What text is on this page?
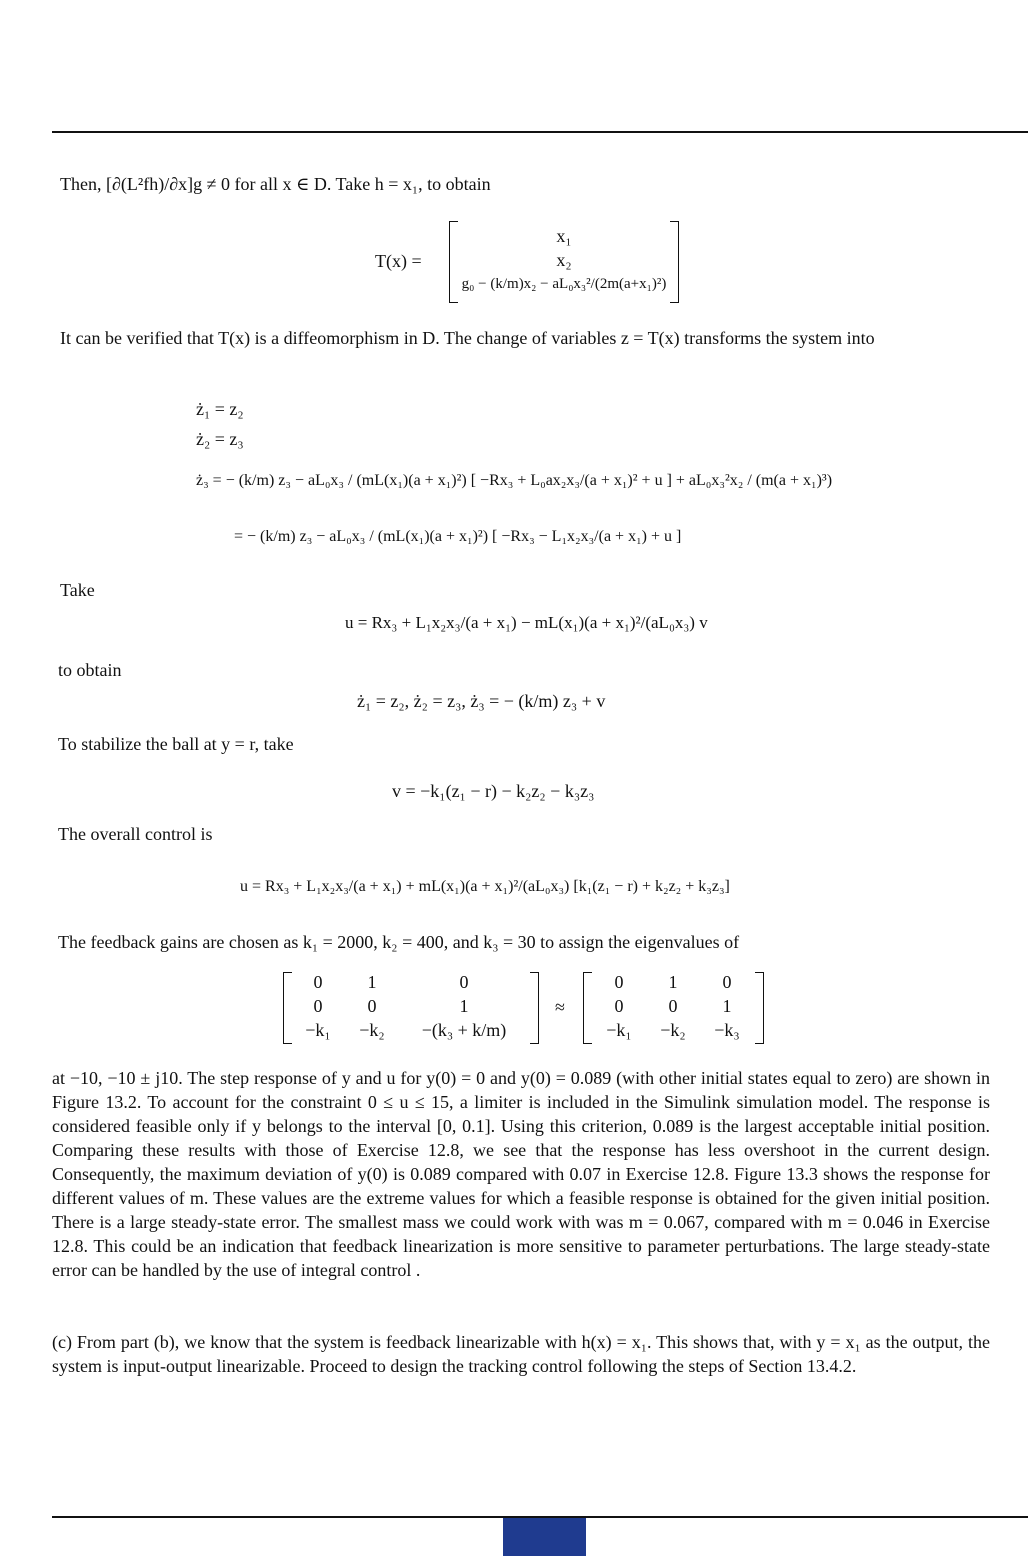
Then, [∂(L²fh)/∂x]g ≠ 0 for all x ∈ D. Take h = x₁, to obtain
T(x) =
x₁
x₂
g₀ − (k/m)x₂ − aL₀x₃²/(2m(a+x₁)²)
It can be verified that T(x) is a diffeomorphism in D. The change of variables z = T(x) transforms the system into
ż₁ = z₂
ż₂ = z₃
ż₃ = − (k/m) z₃ − aL₀x₃ / (mL(x₁)(a + x₁)²) [ −Rx₃ + L₀ax₂x₃/(a + x₁)² + u ] + aL₀x₃²x₂ / (m(a + x₁)³)
= − (k/m) z₃ − aL₀x₃ / (mL(x₁)(a + x₁)²) [ −Rx₃ − L₁x₂x₃/(a + x₁) + u ]
Take
u = Rx₃ + L₁x₂x₃/(a + x₁) − mL(x₁)(a + x₁)²/(aL₀x₃) v
to obtain
ż₁ = z₂, ż₂ = z₃, ż₃ = − (k/m) z₃ + v
To stabilize the ball at y = r, take
v = −k₁(z₁ − r) − k₂z₂ − k₃z₃
The overall control is
u = Rx₃ + L₁x₂x₃/(a + x₁) + mL(x₁)(a + x₁)²/(aL₀x₃) [k₁(z₁ − r) + k₂z₂ + k₃z₃]
The feedback gains are chosen as k₁ = 2000, k₂ = 400, and k₃ = 30 to assign the eigenvalues of
0	1	0
0	0	1
−k₁	−k₂	−(k₃ + k/m)
≈
0	1	0
0	0	1
−k₁	−k₂	−k₃
at −10, −10 ± j10. The step response of y and u for y(0) = 0 and y(0) = 0.089 (with other initial states equal to zero) are shown in Figure 13.2. To account for the constraint 0 ≤ u ≤ 15, a limiter is included in the Simulink simulation model. The response is considered feasible only if y belongs to the interval [0, 0.1]. Using this criterion, 0.089 is the largest acceptable initial position. Comparing these results with those of Exercise 12.8, we see that the response has less overshoot in the current design. Consequently, the maximum deviation of y(0) is 0.089 compared with 0.07 in Exercise 12.8. Figure 13.3 shows the response for different values of m. These values are the extreme values for which a feasible response is obtained for the given initial position. There is a large steady-state error. The smallest mass we could work with was m = 0.067, compared with m = 0.046 in Exercise 12.8. This could be an indication that feedback linearization is more sensitive to parameter perturbations. The large steady-state error can be handled by the use of integral control .
(c) From part (b), we know that the system is feedback linearizable with h(x) = x₁. This shows that, with y = x₁ as the output, the system is input-output linearizable. Proceed to design the tracking control following the steps of Section 13.4.2.
